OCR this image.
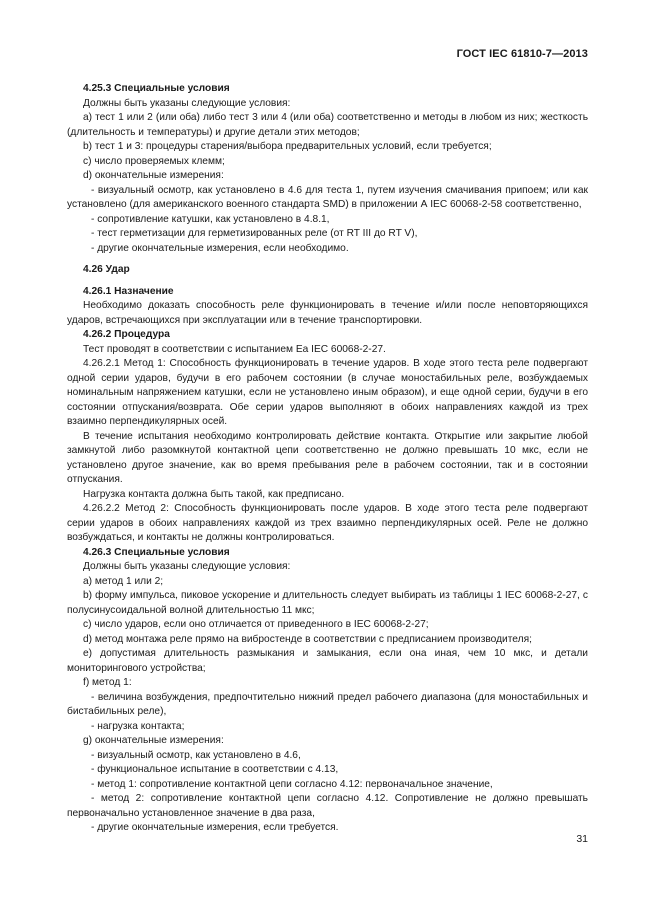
ГОСТ IEC 61810-7—2013

4.25.3 Специальные условия

Должны быть указаны следующие условия:

a) тест 1 или 2 (или оба) либо тест 3 или 4 (или оба) соответственно и методы в любом из них; жесткость (длительность и температуры) и другие детали этих методов;

b) тест 1 и 3: процедуры старения/выбора предварительных условий, если требуется;

c) число проверяемых клемм;

d) окончательные измерения:

- визуальный осмотр, как установлено в 4.6 для теста 1, путем изучения смачивания припоем; или как установлено (для американского военного стандарта SMD) в приложении А IEC 60068-2-58 соответственно,

- сопротивление катушки, как установлено в 4.8.1,

- тест герметизации для герметизированных реле (от RT III до RT V),

- другие окончательные измерения, если необходимо.

4.26 Удар

4.26.1 Назначение

Необходимо доказать способность реле функционировать в течение и/или после неповторяющихся ударов, встречающихся при эксплуатации или в течение транспортировки.

4.26.2 Процедура

Тест проводят в соответствии с испытанием Ea IEC 60068-2-27.

4.26.2.1 Метод 1: Способность функционировать в течение ударов. В ходе этого теста реле подвергают одной серии ударов, будучи в его рабочем состоянии (в случае моностабильных реле, возбуждаемых номинальным напряжением катушки, если не установлено иным образом), и еще одной серии, будучи в его состоянии отпускания/возврата. Обе серии ударов выполняют в обоих направлениях каждой из трех взаимно перпендикулярных осей.

В течение испытания необходимо контролировать действие контакта. Открытие или закрытие любой замкнутой либо разомкнутой контактной цепи соответственно не должно превышать 10 мкс, если не установлено другое значение, как во время пребывания реле в рабочем состоянии, так и в состоянии отпускания.

Нагрузка контакта должна быть такой, как предписано.

4.26.2.2 Метод 2: Способность функционировать после ударов. В ходе этого теста реле подвергают серии ударов в обоих направлениях каждой из трех взаимно перпендикулярных осей. Реле не должно возбуждаться, и контакты не должны контролироваться.

4.26.3 Специальные условия

Должны быть указаны следующие условия:

a) метод 1 или 2;

b) форму импульса, пиковое ускорение и длительность следует выбирать из таблицы 1 IEC 60068-2-27, с полусинусоидальной волной длительностью 11 мкс;

c) число ударов, если оно отличается от приведенного в IEC 60068-2-27;

d) метод монтажа реле прямо на вибростенде в соответствии с предписанием производителя;

e) допустимая длительность размыкания и замыкания, если она иная, чем 10 мкс, и детали мониторингового устройства;

f) метод 1:

- величина возбуждения, предпочтительно нижний предел рабочего диапазона (для моностабильных и бистабильных реле),

- нагрузка контакта;

g) окончательные измерения:

- визуальный осмотр, как установлено в 4.6,

- функциональное испытание в соответствии с 4.13,

- метод 1: сопротивление контактной цепи согласно 4.12: первоначальное значение,

- метод 2: сопротивление контактной цепи согласно 4.12. Сопротивление не должно превышать первоначально установленное значение в два раза,

- другие окончательные измерения, если требуется.

31
